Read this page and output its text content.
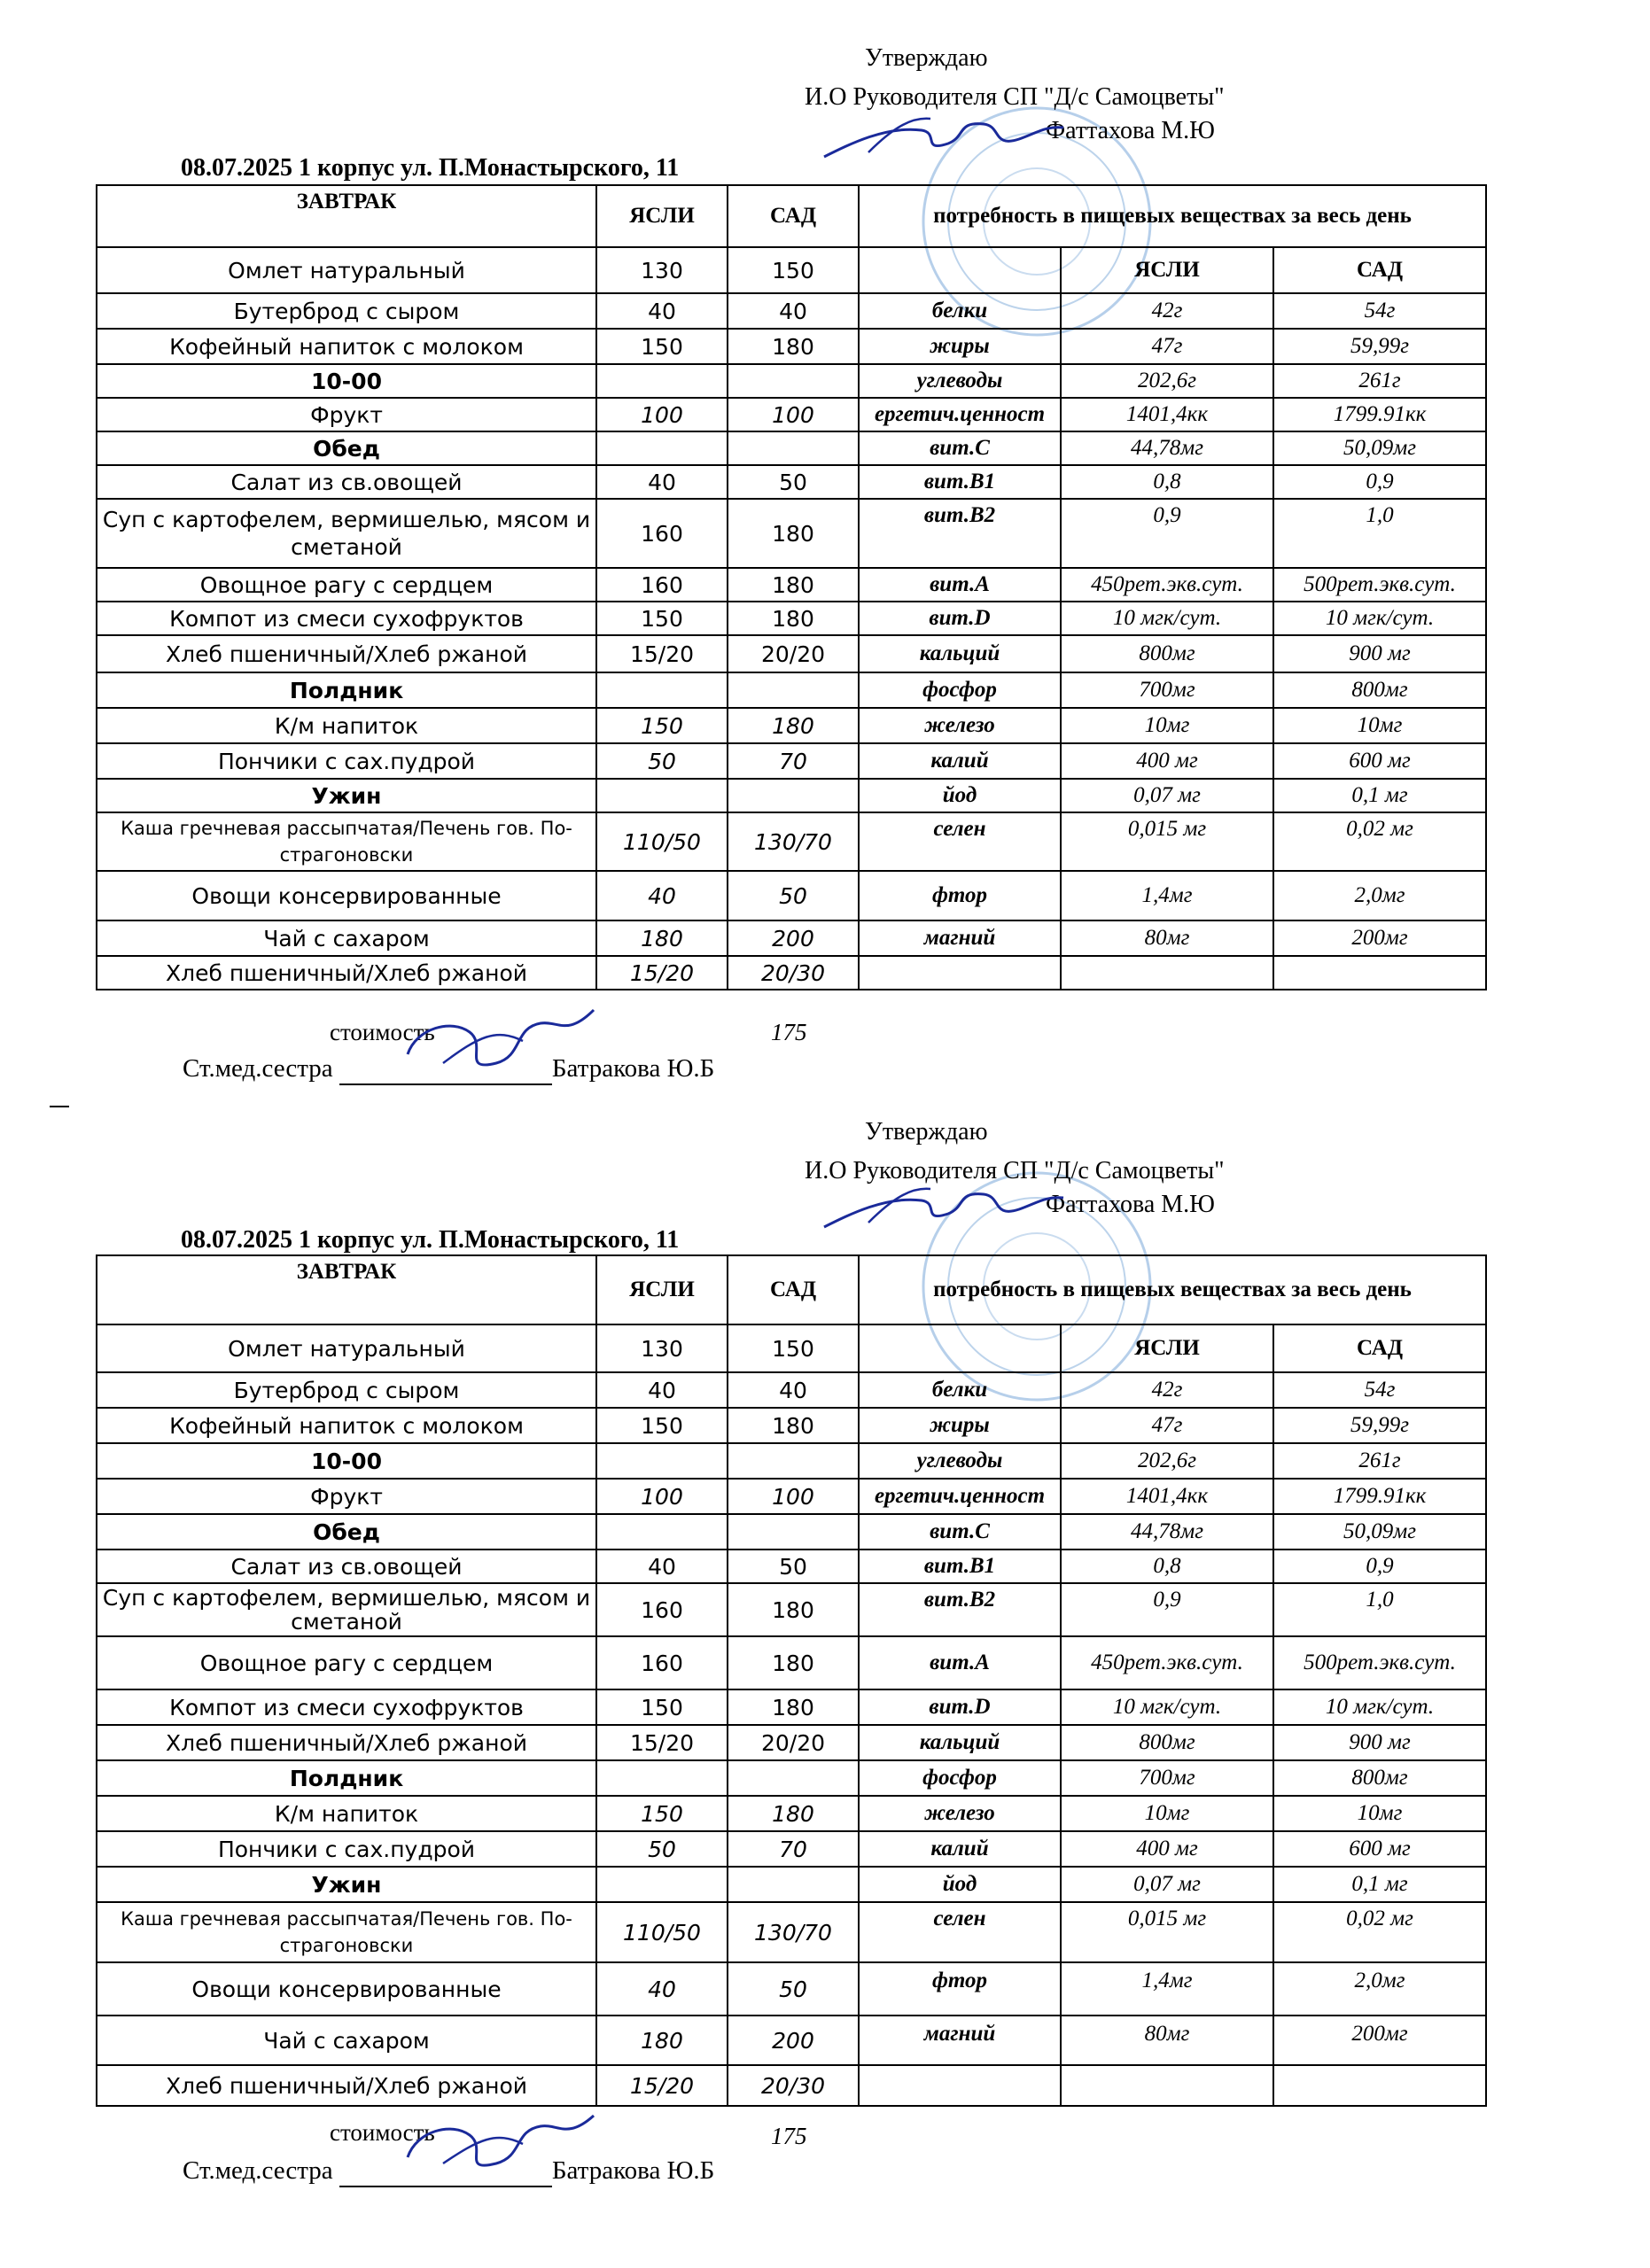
Утверждаю
И.О Руководителя СП "Д/с Самоцветы"
Фаттахова М.Ю
08.07.2025 1 корпус ул. П.Монастырского, 11
ЗАВТРАК	ЯСЛИ	САД	потребность в пищевых веществах за весь день		
Омлет натуральный	130	150		ЯСЛИ	САД
Бутерброд с сыром	40	40	белки	42г	54г
Кофейный напиток с молоком	150	180	жиры	47г	59,99г
10-00			углеводы	202,6г	261г
Фрукт	100	100	ергетич.ценност	1401,4кк	1799.91кк
Обед			вит.С	44,78мг	50,09мг
Салат из св.овощей	40	50	вит.В1	0,8	0,9
Суп с картофелем, вермишелью, мясом и сметаной	160	180	вит.В2	0,9	1,0
Овощное рагу с сердцем	160	180	вит.А	450рет.экв.сут.	500рет.экв.сут.
Компот из смеси сухофруктов	150	180	вит.D	10 мгк/сут.	10 мгк/сут.
Хлеб пшеничный/Хлеб ржаной	15/20	20/20	кальций	800мг	900 мг
Полдник			фосфор	700мг	800мг
К/м напиток	150	180	железо	10мг	10мг
Пончики с сах.пудрой	50	70	калий	400 мг	600 мг
Ужин			йод	0,07 мг	0,1 мг
Каша гречневая рассыпчатая/Печень гов. По-страгоновски	110/50	130/70	селен	0,015 мг	0,02 мг
Овощи консервированные	40	50	фтор	1,4мг	2,0мг
Чай с сахаром	180	200	магний	80мг	200мг
Хлеб пшеничный/Хлеб ржаной	15/20	20/30			
стоимость	175
Ст.мед.сестра	Батракова Ю.Б
Утверждаю
И.О Руководителя СП "Д/с Самоцветы"
Фаттахова М.Ю
08.07.2025 1 корпус ул. П.Монастырского, 11
ЗАВТРАК	ЯСЛИ	САД	потребность в пищевых веществах за весь день		
Омлет натуральный	130	150		ЯСЛИ	САД
Бутерброд с сыром	40	40	белки	42г	54г
Кофейный напиток с молоком	150	180	жиры	47г	59,99г
10-00			углеводы	202,6г	261г
Фрукт	100	100	ергетич.ценност	1401,4кк	1799.91кк
Обед			вит.С	44,78мг	50,09мг
Салат из св.овощей	40	50	вит.В1	0,8	0,9
Суп с картофелем, вермишелью, мясом и сметаной	160	180	вит.В2	0,9	1,0
Овощное рагу с сердцем	160	180	вит.А	450рет.экв.сут.	500рет.экв.сут.
Компот из смеси сухофруктов	150	180	вит.D	10 мгк/сут.	10 мгк/сут.
Хлеб пшеничный/Хлеб ржаной	15/20	20/20	кальций	800мг	900 мг
Полдник			фосфор	700мг	800мг
К/м напиток	150	180	железо	10мг	10мг
Пончики с сах.пудрой	50	70	калий	400 мг	600 мг
Ужин			йод	0,07 мг	0,1 мг
Каша гречневая рассыпчатая/Печень гов. По-страгоновски	110/50	130/70	селен	0,015 мг	0,02 мг
Овощи консервированные	40	50	фтор	1,4мг	2,0мг
Чай с сахаром	180	200	магний	80мг	200мг
Хлеб пшеничный/Хлеб ржаной	15/20	20/30			
стоимость	175
Ст.мед.сестра	Батракова Ю.Б
